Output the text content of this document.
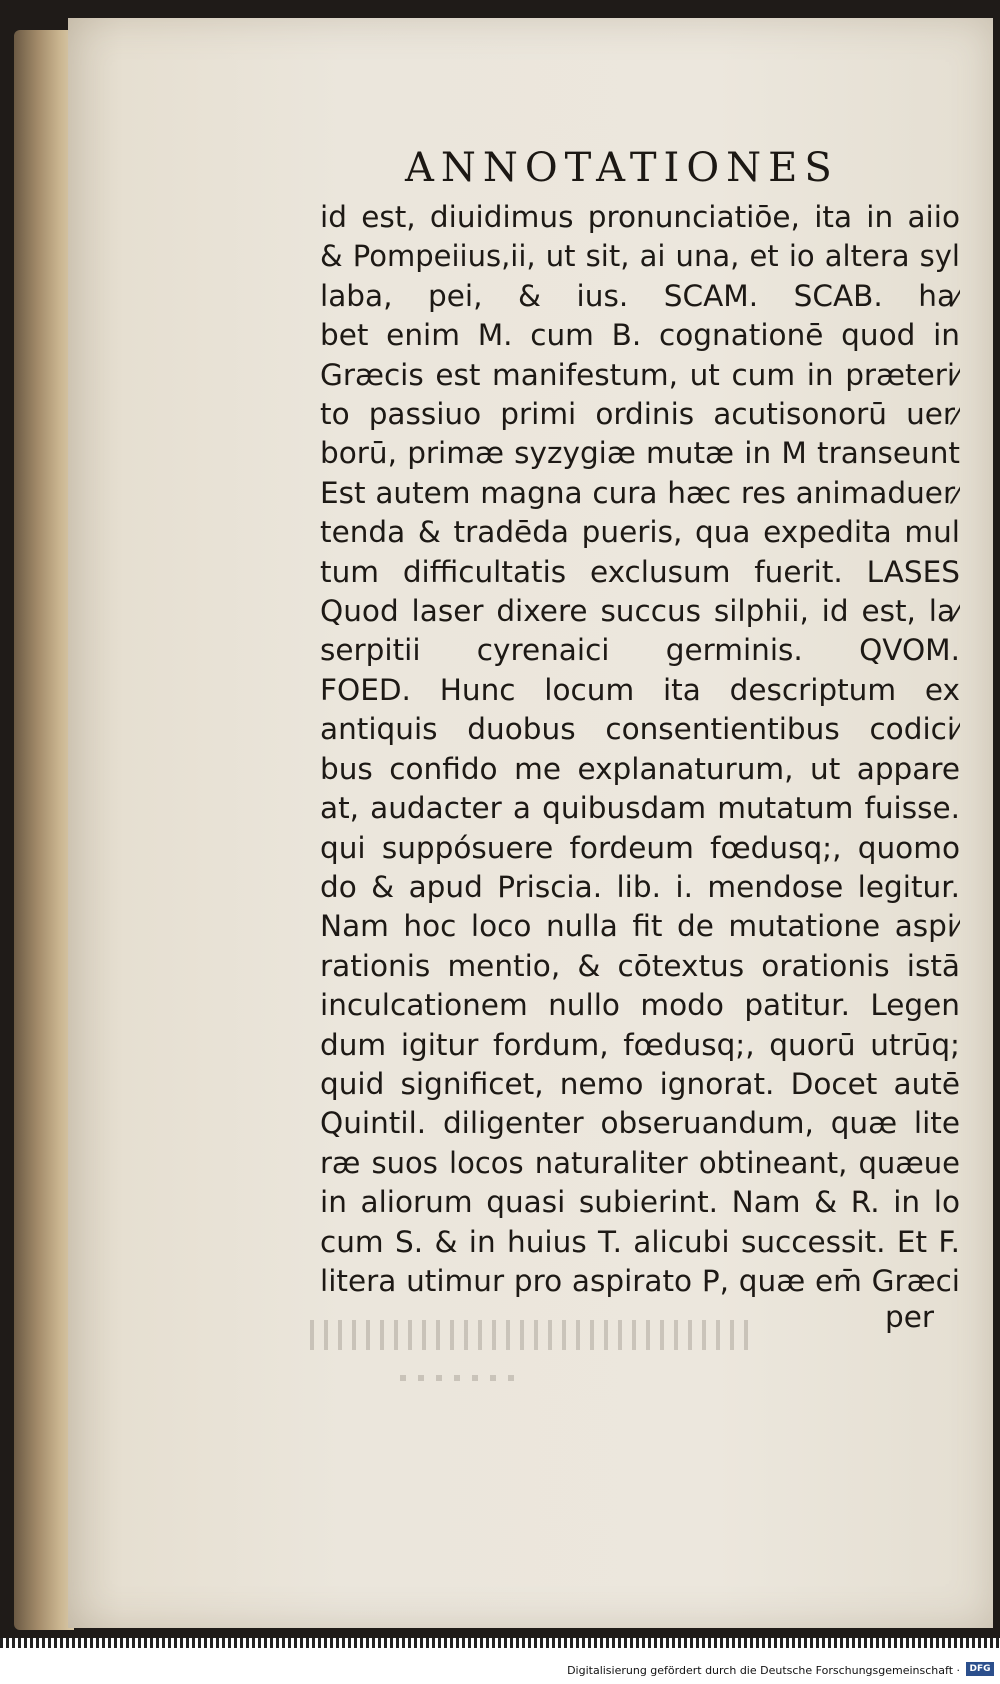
ANNOTATIONES
id est, diuidimus pronunciatiōe, ita in aiio
& Pompeiius,ii, ut sit, ai una, et io altera syl
laba, pei, & ius. SCAM. SCAB. ha⁄
bet enim M. cum B. cognationē quod in
Græcis est manifestum, ut cum in præteri⁄
to passiuo primi ordinis acutisonorū uer⁄
borū, primæ syzygiæ mutæ in M transeunt
Est autem magna cura hæc res animaduer⁄
tenda & tradēda pueris, qua expedita mul
tum difficultatis exclusum fuerit. LASES
Quod laser dixere succus silphii, id est, la⁄
serpitii cyrenaici germinis. QVOM.
FOED. Hunc locum ita descriptum ex
antiquis duobus consentientibus codici⁄
bus confido me explanaturum, ut appare
at, audacter a quibusdam mutatum fuisse.
qui suppósuere fordeum fœdusq;, quomo
do & apud Priscia. lib. i. mendose legitur.
Nam hoc loco nulla fit de mutatione aspi⁄
rationis mentio, & cōtextus orationis istā
inculcationem nullo modo patitur. Legen
dum igitur fordum, fœdusq;, quorū utrūq;
quid significet, nemo ignorat. Docet autē
Quintil. diligenter obseruandum, quæ lite
ræ suos locos naturaliter obtineant, quæue
in aliorum quasi subierint. Nam & R. in lo
cum S. & in huius T. alicubi successit. Et F.
litera utimur pro aspirato P, quæ em̄ Græci
per
Digitalisierung gefördert durch die Deutsche Forschungsgemeinschaft ·	DFG
